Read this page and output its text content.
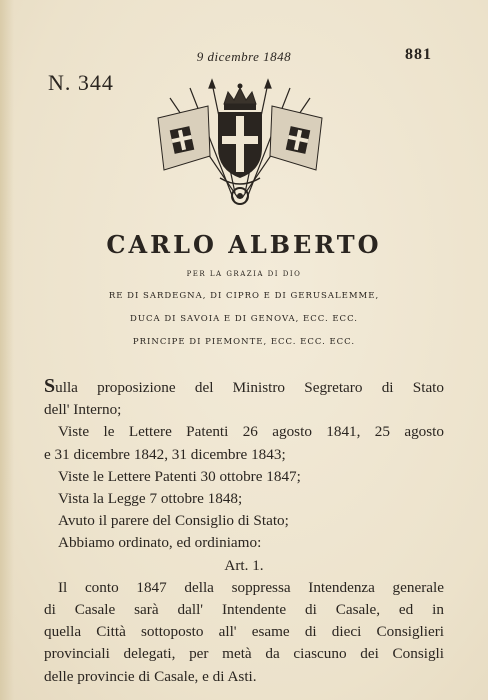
9 dicembre 1848	881
N. 344
CARLO ALBERTO
PER LA GRAZIA DI DIO
RE DI SARDEGNA, DI CIPRO E DI GERUSALEMME,
DUCA DI SAVOIA E DI GENOVA, ECC. ECC.
PRINCIPE DI PIEMONTE, ECC. ECC. ECC.

Sulla proposizione del Ministro Segretaro di Stato

dell' Interno;

Viste le Lettere Patenti 26 agosto 1841, 25 agosto

e 31 dicembre 1842, 31 dicembre 1843;

Viste le Lettere Patenti 30 ottobre 1847;

Vista la Legge 7 ottobre 1848;

Avuto il parere del Consiglio di Stato;

Abbiamo ordinato, ed ordiniamo:

Art. 1.

Il conto 1847 della soppressa Intendenza generale

di Casale sarà dall' Intendente di Casale, ed in

quella Città sottoposto all' esame di dieci Consiglieri

provinciali delegati, per metà da ciascuno dei Consigli

delle provincie di Casale, e di Asti.
